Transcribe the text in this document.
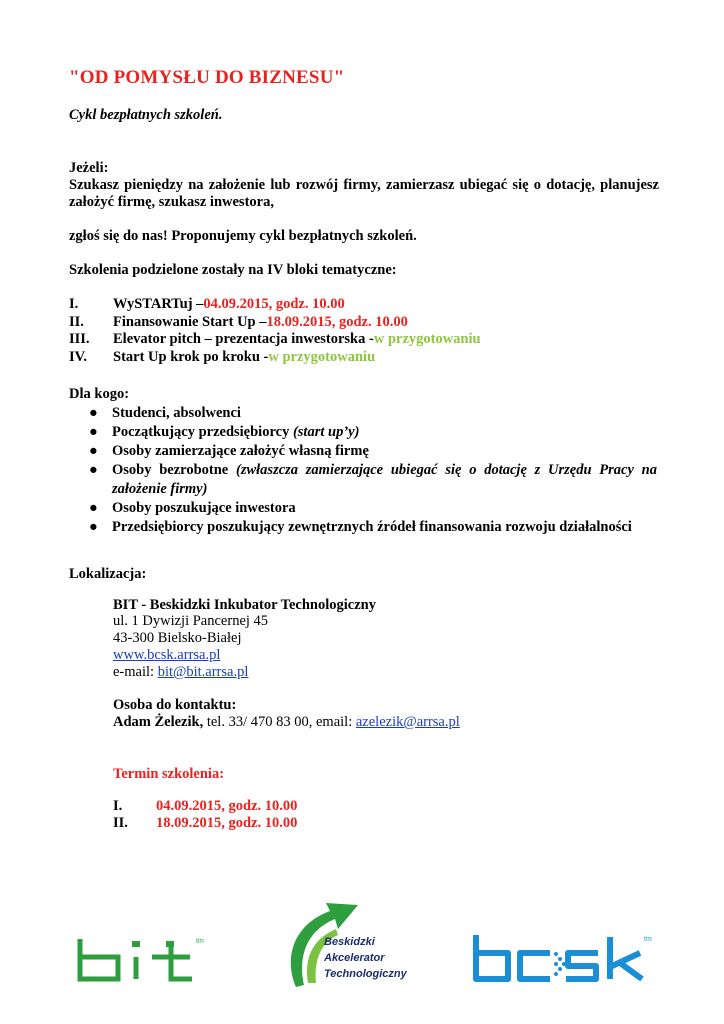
"OD POMYSŁU DO BIZNESU"
Cykl bezpłatnych szkoleń.
Jeżeli:
Szukasz pieniędzy na założenie lub rozwój firmy, zamierzasz ubiegać się o dotację, planujesz założyć firmę, szukasz inwestora,
zgłoś się do nas! Proponujemy cykl bezpłatnych szkoleń.
Szkolenia podzielone zostały na IV bloki tematyczne:
I.	WySTARTuj – 04.09.2015, godz. 10.00
II.	Finansowanie Start Up – 18.09.2015, godz. 10.00
III.	Elevator pitch – prezentacja inwestorska - w przygotowaniu
IV.	Start Up krok po kroku - w przygotowaniu
Dla kogo:
● Studenci, absolwenci
● Początkujący przedsiębiorcy (start up’y)
● Osoby zamierzające założyć własną firmę
● Osoby bezrobotne (zwłaszcza zamierzające ubiegać się o dotację z Urzędu Pracy na założenie firmy)
● Osoby poszukujące inwestora
● Przedsiębiorcy poszukujący zewnętrznych źródeł finansowania rozwoju działalności
Lokalizacja:
BIT - Beskidzki Inkubator Technologiczny
ul. 1 Dywizji Pancernej 45
43-300 Bielsko-Białej
www.bcsk.arrsa.pl
e-mail: bit@bit.arrsa.pl
Osoba do kontaktu:
Adam Żelezik, tel. 33/ 470 83 00, email: azelezik@arrsa.pl
Termin szkolenia:
I.	04.09.2015, godz. 10.00
II.	18.09.2015, godz. 10.00
tm	Beskidzki
Akcelerator
Technologiczny
tm
